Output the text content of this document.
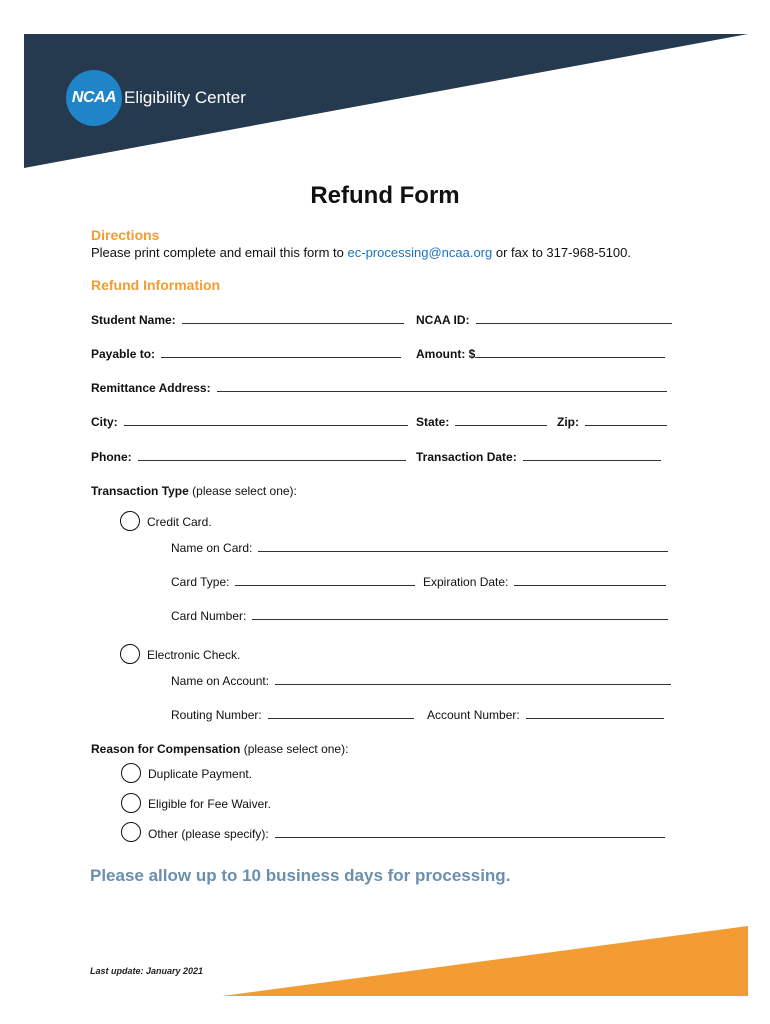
NCAA Eligibility Center
Refund Form
Directions
Please print complete and email this form to ec-processing@ncaa.org or fax to 317-968-5100.
Refund Information
Student Name:	NCAA ID:
Payable to:	Amount: $
Remittance Address:
City:	State:	Zip:
Phone:	Transaction Date:
Transaction Type (please select one):
Credit Card.
Name on Card:
Card Type:	Expiration Date:
Card Number:
Electronic Check.
Name on Account:
Routing Number:	Account Number:
Reason for Compensation (please select one):
Duplicate Payment.
Eligible for Fee Waiver.
Other (please specify):
Please allow up to 10 business days for processing.
Last update: January 2021
